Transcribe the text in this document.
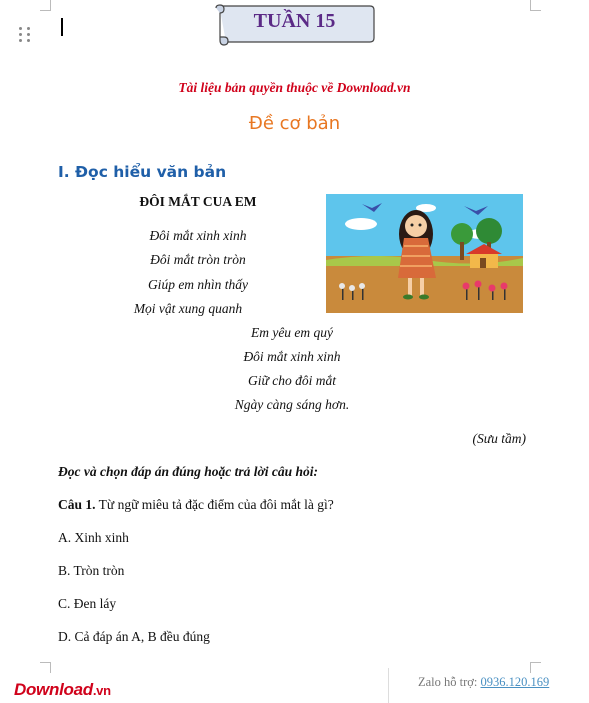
TUẦN 15
Tài liệu bản quyền thuộc về Download.vn
Đề cơ bản
I. Đọc hiểu văn bản
ĐÔI MẮT CUA EM
Đôi mắt xinh xinh
Đôi mắt tròn tròn
Giúp em nhìn thấy
Mọi vật xung quanh
Em yêu em quý
Đôi mắt xinh xinh
Giữ cho đôi mắt
Ngày càng sáng hơn.
(Sưu tầm)
Đọc và chọn đáp án đúng hoặc trả lời câu hỏi:
Câu 1. Từ ngữ miêu tả đặc điểm của đôi mắt là gì?
A. Xinh xinh
B. Tròn tròn
C. Đen láy
D. Cả đáp án A, B đều đúng
Download.vn
Zalo hỗ trợ: 0936.120.169
